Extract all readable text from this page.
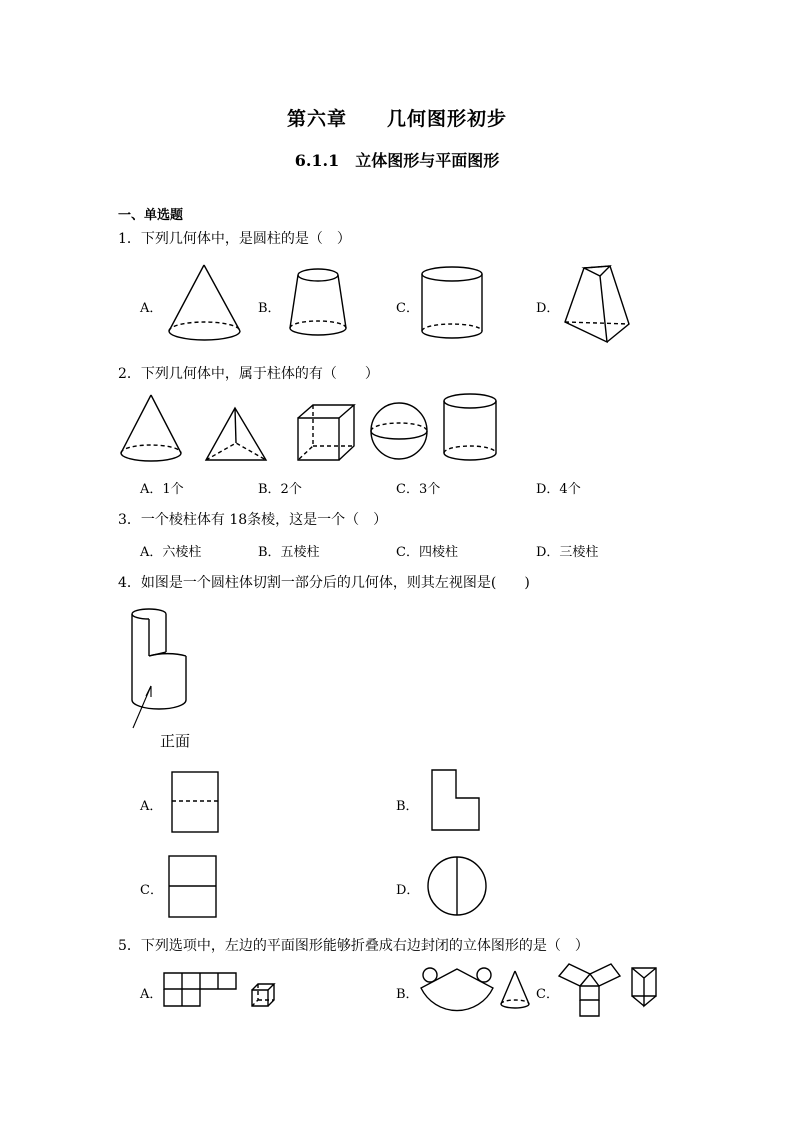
第六章　　几何图形初步
6.1.1　立体图形与平面图形
一、单选题
1．下列几何体中，是圆柱的是（　）
A．	B．	C．	D．
2．下列几何体中，属于柱体的有（　　）
A．1个	B．2个	C．3个	D．4个
3．一个棱柱体有 18条棱，这是一个（　）
A．六棱柱	B．五棱柱	C．四棱柱	D．三棱柱
4．如图是一个圆柱体切割一部分后的几何体，则其左视图是(　　)
正面
A．	B．
C．	D．
5．下列选项中，左边的平面图形能够折叠成右边封闭的立体图形的是（　）
A．	B．	C．
